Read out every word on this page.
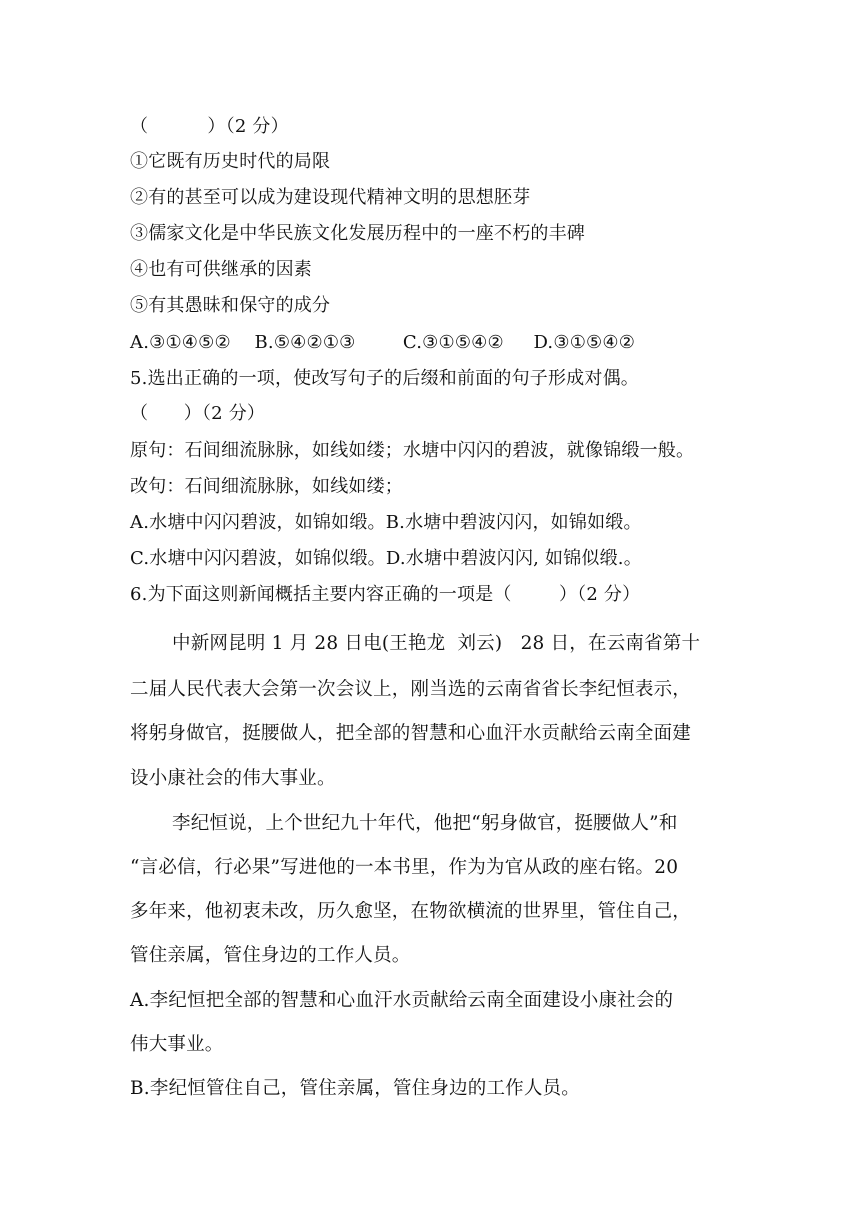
（          ）（2 分）
①它既有历史时代的局限
②有的甚至可以成为建设现代精神文明的思想胚芽
③儒家文化是中华民族文化发展历程中的一座不朽的丰碑
④也有可供继承的因素
⑤有其愚昧和保守的成分
A.③①④⑤②    B.⑤④②①③        C.③①⑤④②     D.③①⑤④②
5.选出正确的一项，使改写句子的后缀和前面的句子形成对偶。
（      ）（2 分）
原句：石间细流脉脉，如线如缕；水塘中闪闪的碧波，就像锦缎一般。
改句：石间细流脉脉，如线如缕；
A.水塘中闪闪碧波，如锦如缎。B.水塘中碧波闪闪，如锦如缎。
C.水塘中闪闪碧波，如锦似缎。D.水塘中碧波闪闪, 如锦似缎.。
6.为下面这则新闻概括主要内容正确的一项是（        ）（2 分）
中新网昆明 1 月 28 日电(王艳龙  刘云)   28 日，在云南省第十
二届人民代表大会第一次会议上，刚当选的云南省省长李纪恒表示，
将躬身做官，挺腰做人，把全部的智慧和心血汗水贡献给云南全面建
设小康社会的伟大事业。
李纪恒说，上个世纪九十年代，他把“躬身做官，挺腰做人”和
“言必信，行必果”写进他的一本书里，作为为官从政的座右铭。20
多年来，他初衷未改，历久愈坚，在物欲横流的世界里，管住自己，
管住亲属，管住身边的工作人员。
A.李纪恒把全部的智慧和心血汗水贡献给云南全面建设小康社会的
伟大事业。
B.李纪恒管住自己，管住亲属，管住身边的工作人员。
